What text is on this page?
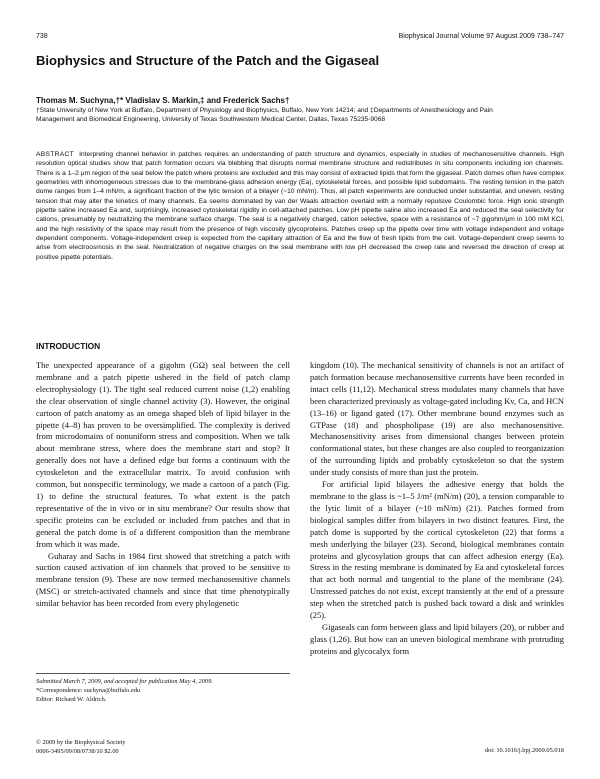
738	Biophysical Journal Volume 97 August 2009 738–747
Biophysics and Structure of the Patch and the Gigaseal
Thomas M. Suchyna,†* Vladislav S. Markin,‡ and Frederick Sachs†
†State University of New York at Buffalo, Department of Physiology and Biophysics, Buffalo, New York 14214; and ‡Departments of Anesthesiology and Pain Management and Biomedical Engineering, University of Texas Southwestern Medical Center, Dallas, Texas 75235-9068
ABSTRACT Interpreting channel behavior in patches requires an understanding of patch structure and dynamics, especially in studies of mechanosensitive channels. High resolution optical studies show that patch formation occurs via blebbing that disrupts normal membrane structure and redistributes in situ components including ion channels. There is a 1–2 μm region of the seal below the patch where proteins are excluded and this may consist of extracted lipids that form the gigaseal. Patch domes often have complex geometries with inhomogeneous stresses due to the membrane-glass adhesion energy (Ea), cytoskeletal forces, and possible lipid subdomains. The resting tension in the patch dome ranges from 1–4 mN/m, a significant fraction of the lytic tension of a bilayer (~10 mN/m). Thus, all patch experiments are conducted under substantial, and uneven, resting tension that may alter the kinetics of many channels. Ea seems dominated by van der Waals attraction overlaid with a normally repulsive Coulombic force. High ionic strength pipette saline increased Ea and, surprisingly, increased cytoskeletal rigidity in cell-attached patches. Low pH pipette saline also increased Ea and reduced the seal selectivity for cations, presumably by neutralizing the membrane surface charge. The seal is a negatively charged, cation selective, space with a resistance of ~7 gigohm/μm in 100 mM KCl, and the high resistivity of the space may result from the presence of high viscosity glycoproteins. Patches creep up the pipette over time with voltage independent and voltage dependent components. Voltage-independent creep is expected from the capillary attraction of Ea and the flow of fresh lipids from the cell. Voltage-dependent creep seems to arise from electroosmosis in the seal. Neutralization of negative charges on the seal membrane with low pH decreased the creep rate and reversed the direction of creep at positive pipette potentials.
INTRODUCTION

The unexpected appearance of a gigohm (GΩ) seal between the cell membrane and a patch pipette ushered in the field of patch clamp electrophysiology (1). The tight seal reduced current noise (1,2) enabling the clear observation of single channel activity (3). However, the original cartoon of patch anatomy as an omega shaped bleb of lipid bilayer in the pipette (4–8) has proven to be oversimplified. The complexity is derived from microdomains of nonuniform stress and composition. When we talk about membrane stress, where does the membrane start and stop? It generally does not have a defined edge but forms a continuum with the cytoskeleton and the extracellular matrix. To avoid confusion with common, but nonspecific terminology, we made a cartoon of a patch (Fig. 1) to define the structural features. To what extent is the patch representative of the in vivo or in situ membrane? Our results show that specific proteins can be excluded or included from patches and that in general the patch dome is of a different composition than the membrane from which it was made.

Guharay and Sachs in 1984 first showed that stretching a patch with suction caused activation of ion channels that proved to be sensitive to membrane tension (9). These are now termed mechanosensitive channels (MSC) or stretch-activated channels and since that time phenotypically similar behavior has been recorded from every phylogenetic

kingdom (10). The mechanical sensitivity of channels is not an artifact of patch formation because mechanosensitive currents have been recorded in intact cells (11,12). Mechanical stress modulates many channels that have been characterized previously as voltage-gated including Kv, Ca, and HCN (13–16) or ligand gated (17). Other membrane bound enzymes such as GTPase (18) and phospholipase (19) are also mechanosensitive. Mechanosensitivity arises from dimensional changes between protein conformational states, but these changes are also coupled to reorganization of the surrounding lipids and probably cytoskeleton so that the system under study consists of more than just the protein.

For artificial lipid bilayers the adhesive energy that holds the membrane to the glass is ~1–5 J/m² (mN/m) (20), a tension comparable to the lytic limit of a bilayer (~10 mN/m) (21). Patches formed from biological samples differ from bilayers in two distinct features. First, the patch dome is supported by the cortical cytoskeleton (22) that forms a mesh underlying the bilayer (23). Second, biological membranes contain proteins and glycosylation groups that can affect adhesion energy (Ea). Stress in the resting membrane is dominated by Ea and cytoskeletal forces that act both normal and tangential to the plane of the membrane (24). Unstressed patches do not exist, except transiently at the end of a pressure step when the stretched patch is pushed back toward a disk and wrinkles (25).

Gigaseals can form between glass and lipid bilayers (20), or rubber and glass (1,26). But how can an uneven biological membrane with protruding proteins and glycocalyx form

Submitted March 7, 2009, and accepted for publication May 4, 2009.
*Correspondence: suchyna@buffalo.edu
Editor: Richard W. Aldrich.
© 2009 by the Biophysical Society
0006-3495/09/08/0738/10 $2.00	doi: 10.1016/j.bpj.2009.05.018
